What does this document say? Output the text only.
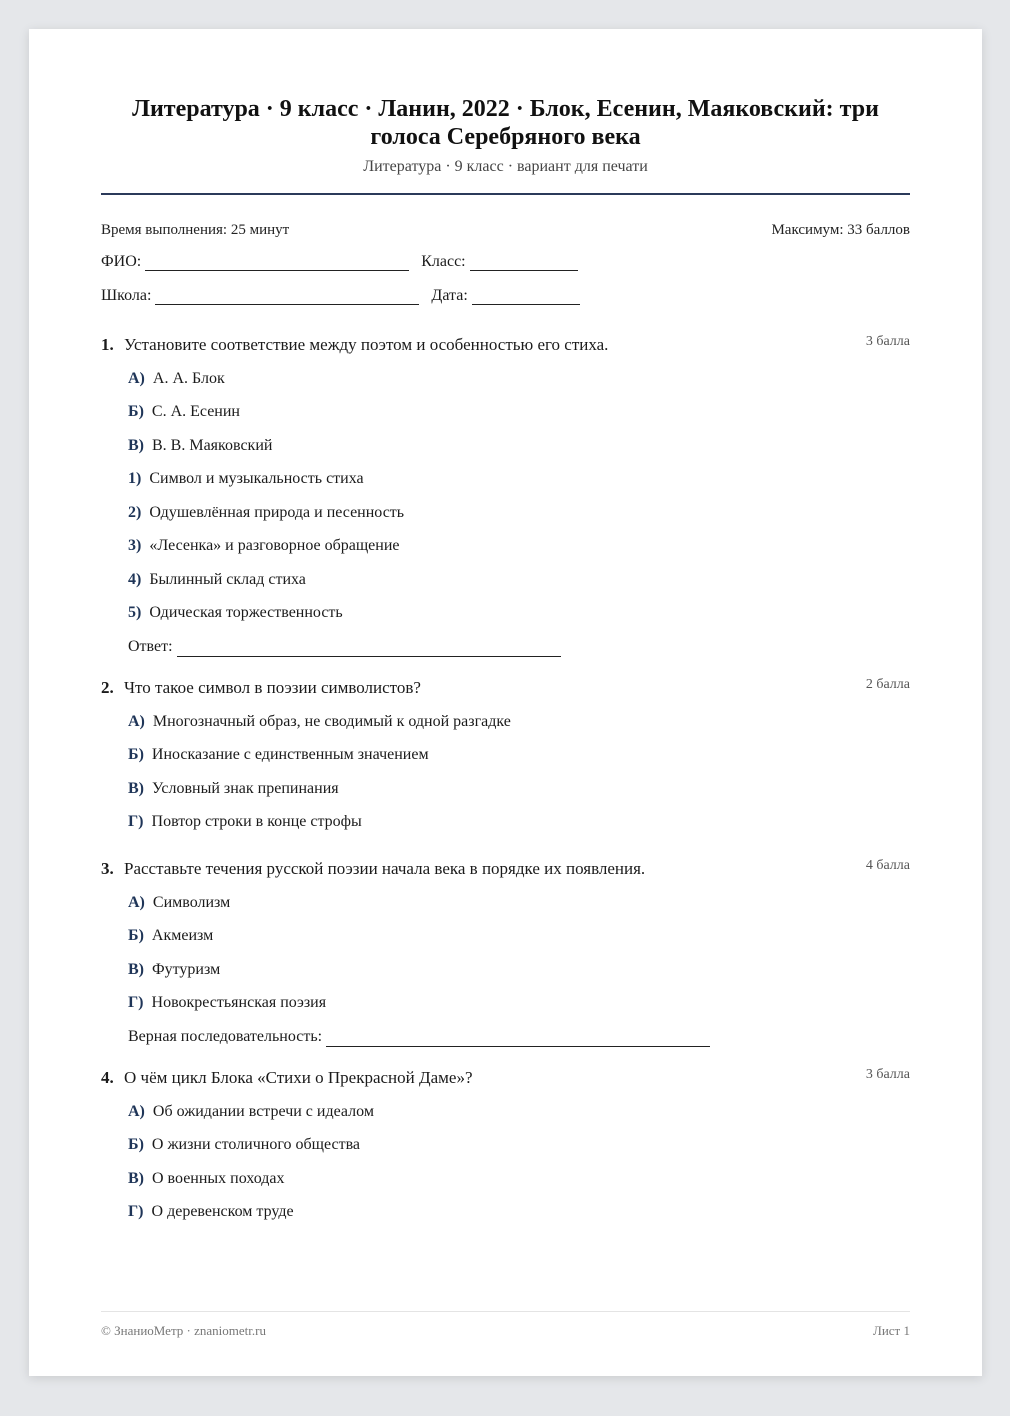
Литература · 9 класс · Ланин, 2022 · Блок, Есенин, Маяковский: три голоса Серебряного века
Литература · 9 класс · вариант для печати
Время выполнения: 25 минут	Максимум: 33 баллов
ФИО:	Класс:
Школа:	Дата:
1. Установите соответствие между поэтом и особенностью его стиха.	3 балла
А) А. А. Блок
Б) С. А. Есенин
В) В. В. Маяковский
1) Символ и музыкальность стиха
2) Одушевлённая природа и песенность
3) «Лесенка» и разговорное обращение
4) Былинный склад стиха
5) Одическая торжественность
Ответ:
2. Что такое символ в поэзии символистов?	2 балла
А) Многозначный образ, не сводимый к одной разгадке
Б) Иносказание с единственным значением
В) Условный знак препинания
Г) Повтор строки в конце строфы
3. Расставьте течения русской поэзии начала века в порядке их появления.	4 балла
А) Символизм
Б) Акмеизм
В) Футуризм
Г) Новокрестьянская поэзия
Верная последовательность:
4. О чём цикл Блока «Стихи о Прекрасной Даме»?	3 балла
А) Об ожидании встречи с идеалом
Б) О жизни столичного общества
В) О военных походах
Г) О деревенском труде
© ЗнаниоМетр · znaniometr.ru	Лист 1
